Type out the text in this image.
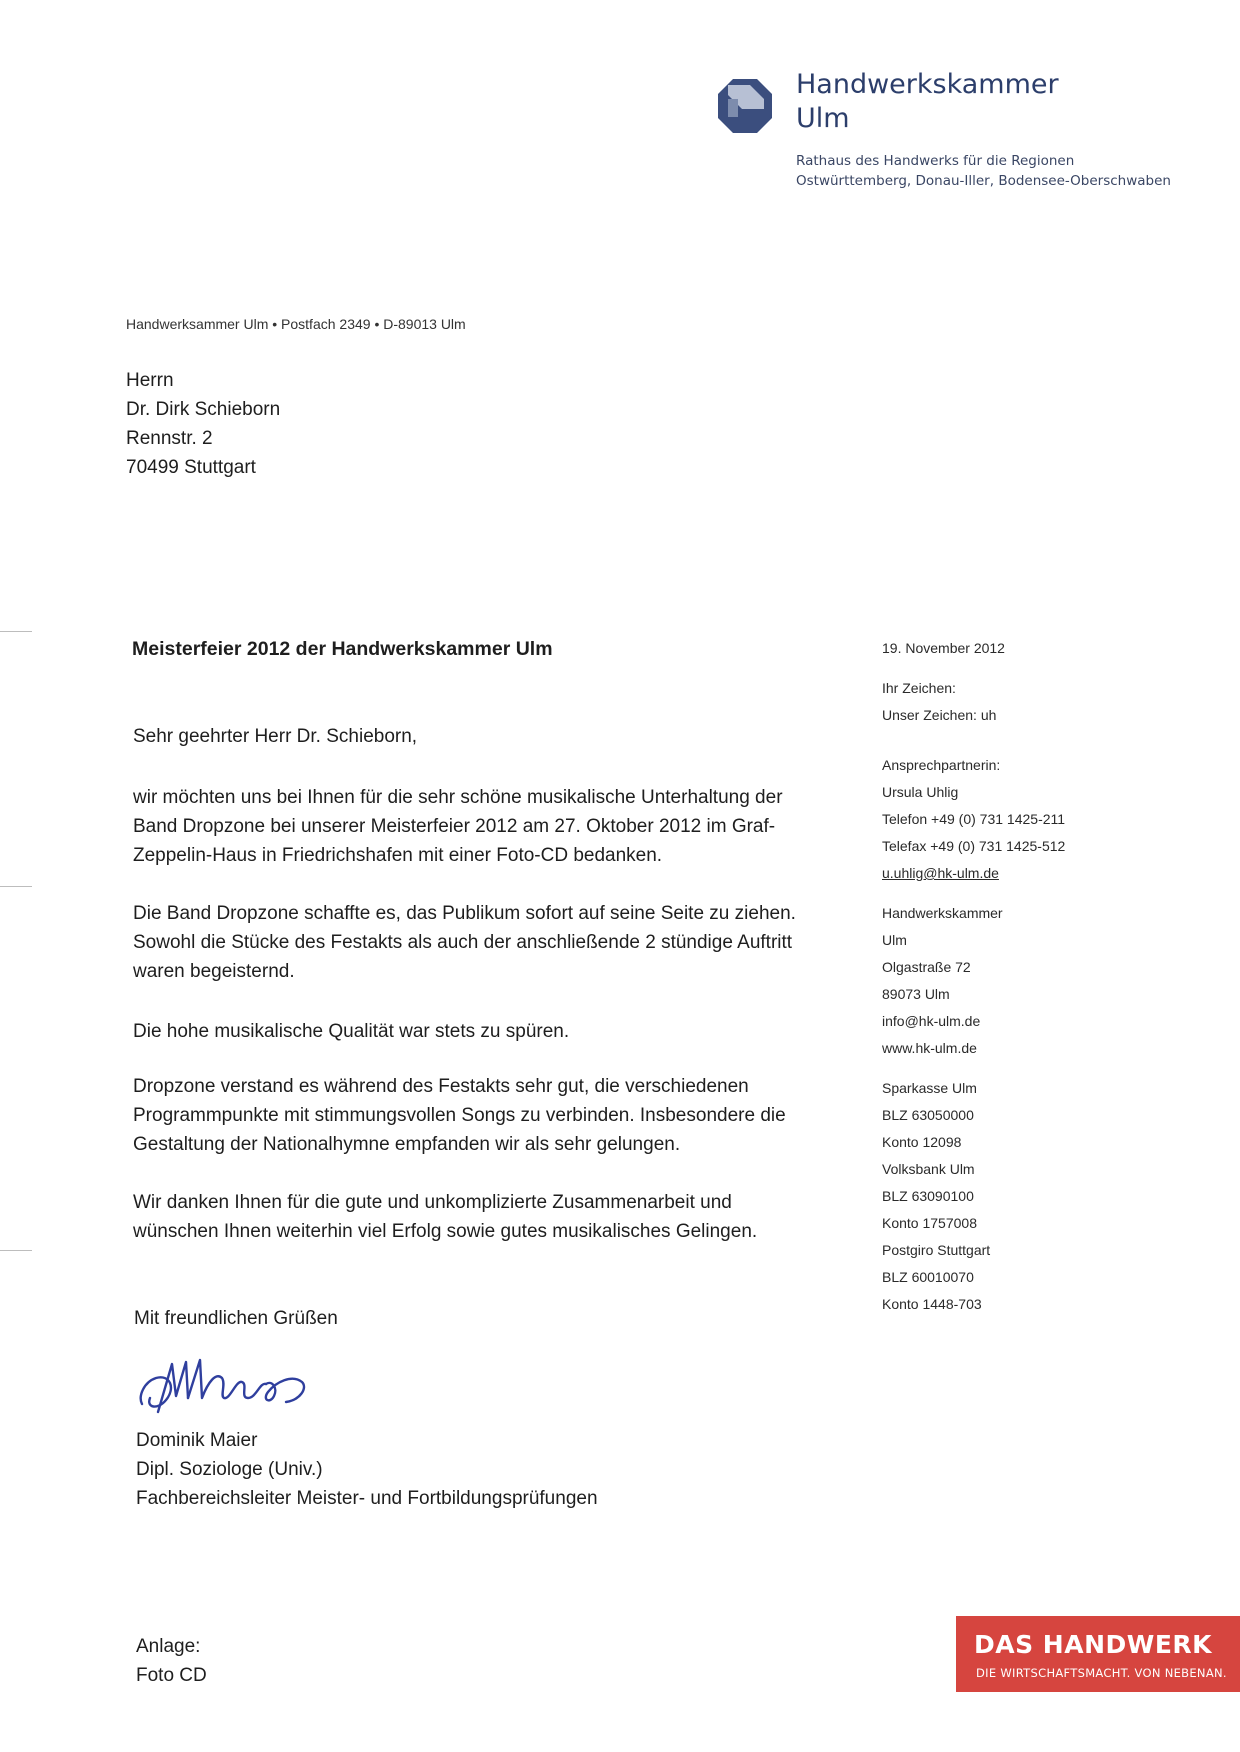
Handwerkskammer
Ulm
Rathaus des Handwerks für die Regionen
Ostwürttemberg, Donau-Iller, Bodensee-Oberschwaben
Handwerksammer Ulm • Postfach 2349 • D-89013 Ulm
Herrn
Dr. Dirk Schieborn
Rennstr. 2
70499 Stuttgart
Meisterfeier 2012 der Handwerkskammer Ulm
Sehr geehrter Herr Dr. Schieborn,
wir möchten uns bei Ihnen für die sehr schöne musikalische Unterhaltung der
Band Dropzone bei unserer Meisterfeier 2012 am 27. Oktober 2012 im Graf-
Zeppelin-Haus in Friedrichshafen mit einer Foto-CD bedanken.
Die Band Dropzone schaffte es, das Publikum sofort auf seine Seite zu ziehen.
Sowohl die Stücke des Festakts als auch der anschließende 2 stündige Auftritt
waren begeisternd.
Die hohe musikalische Qualität war stets zu spüren.
Dropzone verstand es während des Festakts sehr gut, die verschiedenen
Programmpunkte mit stimmungsvollen Songs zu verbinden. Insbesondere die
Gestaltung der Nationalhymne empfanden wir als sehr gelungen.
Wir danken Ihnen für die gute und unkomplizierte Zusammenarbeit und
wünschen Ihnen weiterhin viel Erfolg sowie gutes musikalisches Gelingen.
Mit freundlichen Grüßen
Dominik Maier
Dipl. Soziologe (Univ.)
Fachbereichsleiter Meister- und Fortbildungsprüfungen
Anlage:
Foto CD
19. November 2012
Ihr Zeichen:
Unser Zeichen: uh
Ansprechpartnerin:
Ursula Uhlig
Telefon +49 (0) 731 1425-211
Telefax +49 (0) 731 1425-512
u.uhlig@hk-ulm.de
Handwerkskammer
Ulm
Olgastraße 72
89073 Ulm
info@hk-ulm.de
www.hk-ulm.de
Sparkasse Ulm
BLZ 63050000
Konto 12098
Volksbank Ulm
BLZ 63090100
Konto 1757008
Postgiro Stuttgart
BLZ 60010070
Konto 1448-703
DAS HANDWERK
DIE WIRTSCHAFTSMACHT. VON NEBENAN.
